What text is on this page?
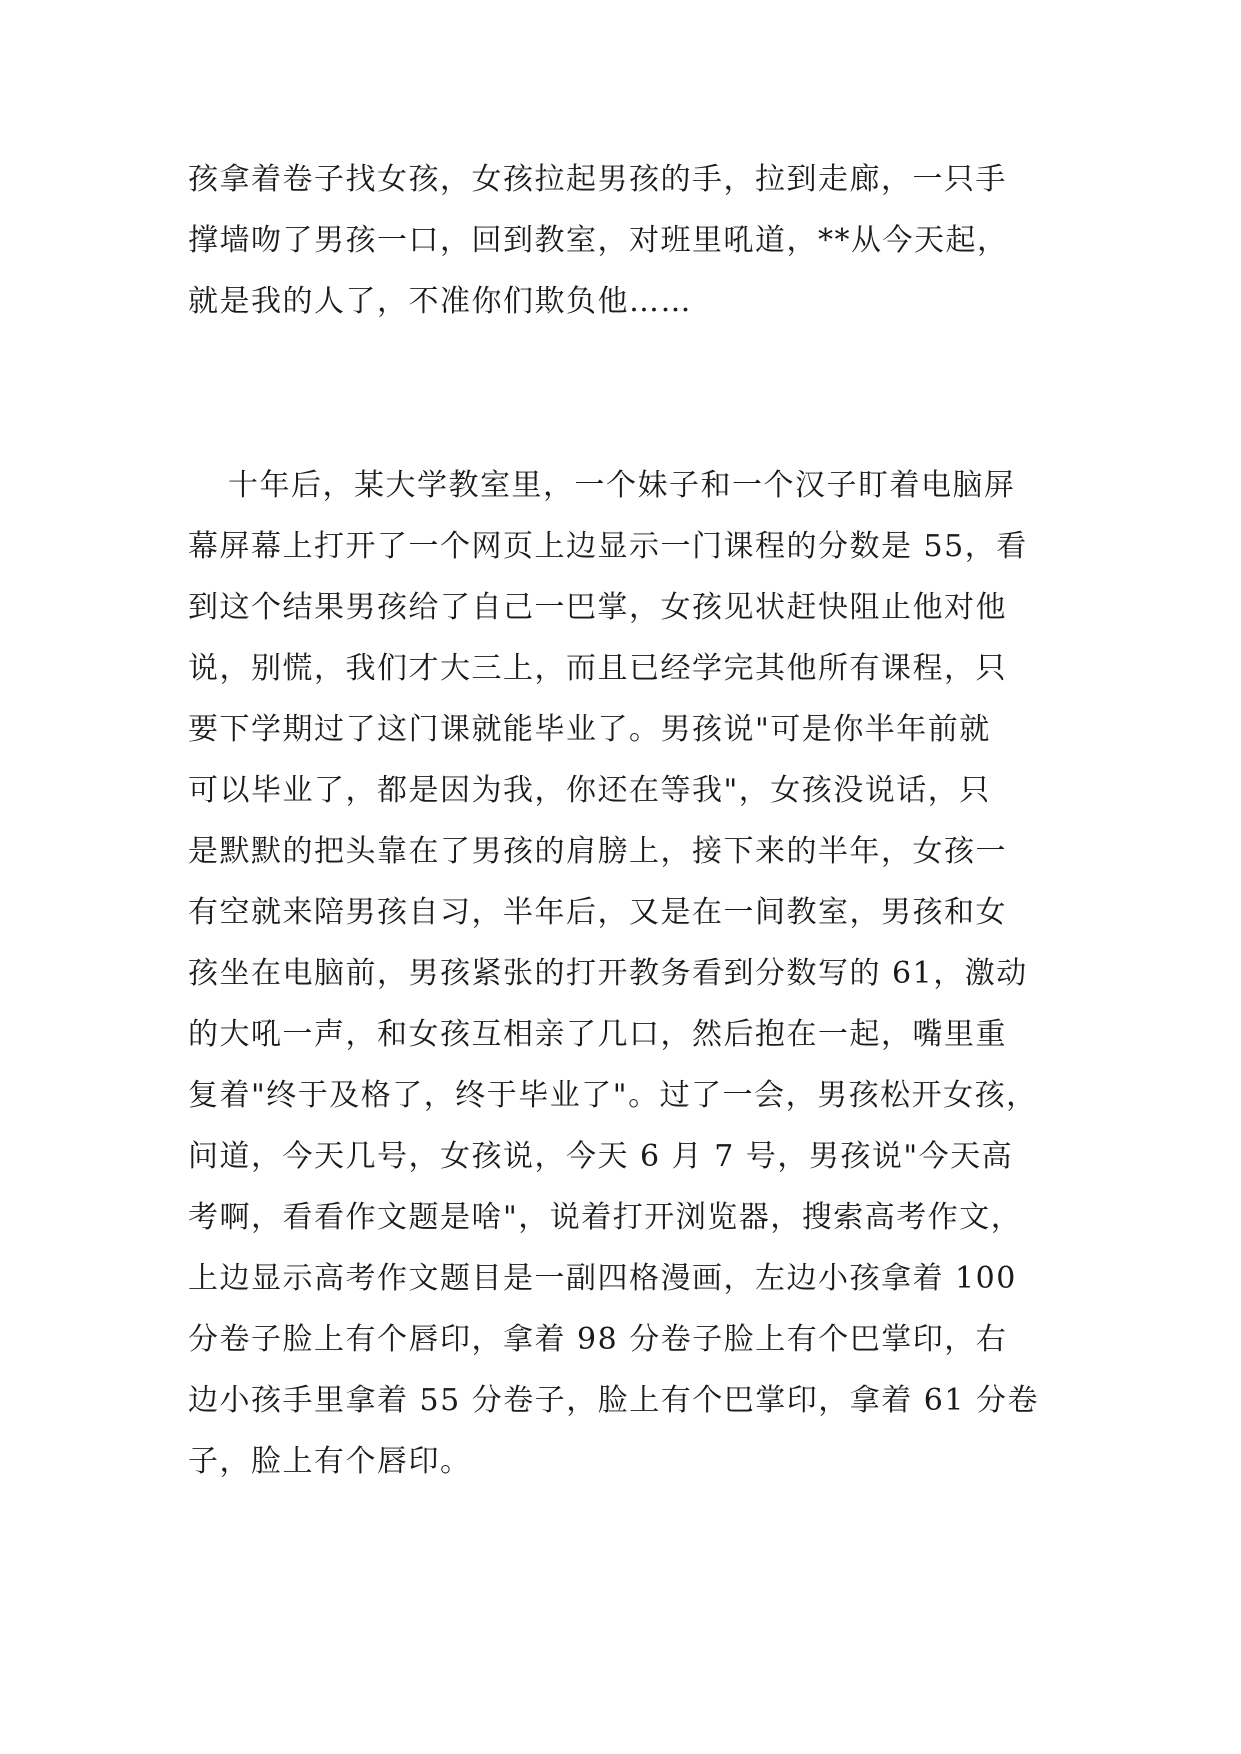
孩拿着卷子找女孩，女孩拉起男孩的手，拉到走廊，一只手
撑墙吻了男孩一口，回到教室，对班里吼道，**从今天起，
就是我的人了，不准你们欺负他……
十年后，某大学教室里，一个妹子和一个汉子盯着电脑屏
幕屏幕上打开了一个网页上边显示一门课程的分数是 55，看
到这个结果男孩给了自己一巴掌，女孩见状赶快阻止他对他
说，别慌，我们才大三上，而且已经学完其他所有课程，只
要下学期过了这门课就能毕业了。男孩说"可是你半年前就
可以毕业了，都是因为我，你还在等我"，女孩没说话，只
是默默的把头靠在了男孩的肩膀上，接下来的半年，女孩一
有空就来陪男孩自习，半年后，又是在一间教室，男孩和女
孩坐在电脑前，男孩紧张的打开教务看到分数写的 61，激动
的大吼一声，和女孩互相亲了几口，然后抱在一起，嘴里重
复着"终于及格了，终于毕业了"。过了一会，男孩松开女孩，
问道，今天几号，女孩说，今天 6 月 7 号，男孩说"今天高
考啊，看看作文题是啥"，说着打开浏览器，搜索高考作文，
上边显示高考作文题目是一副四格漫画，左边小孩拿着 100
分卷子脸上有个唇印，拿着 98 分卷子脸上有个巴掌印，右
边小孩手里拿着 55 分卷子，脸上有个巴掌印，拿着 61 分卷
子，脸上有个唇印。
